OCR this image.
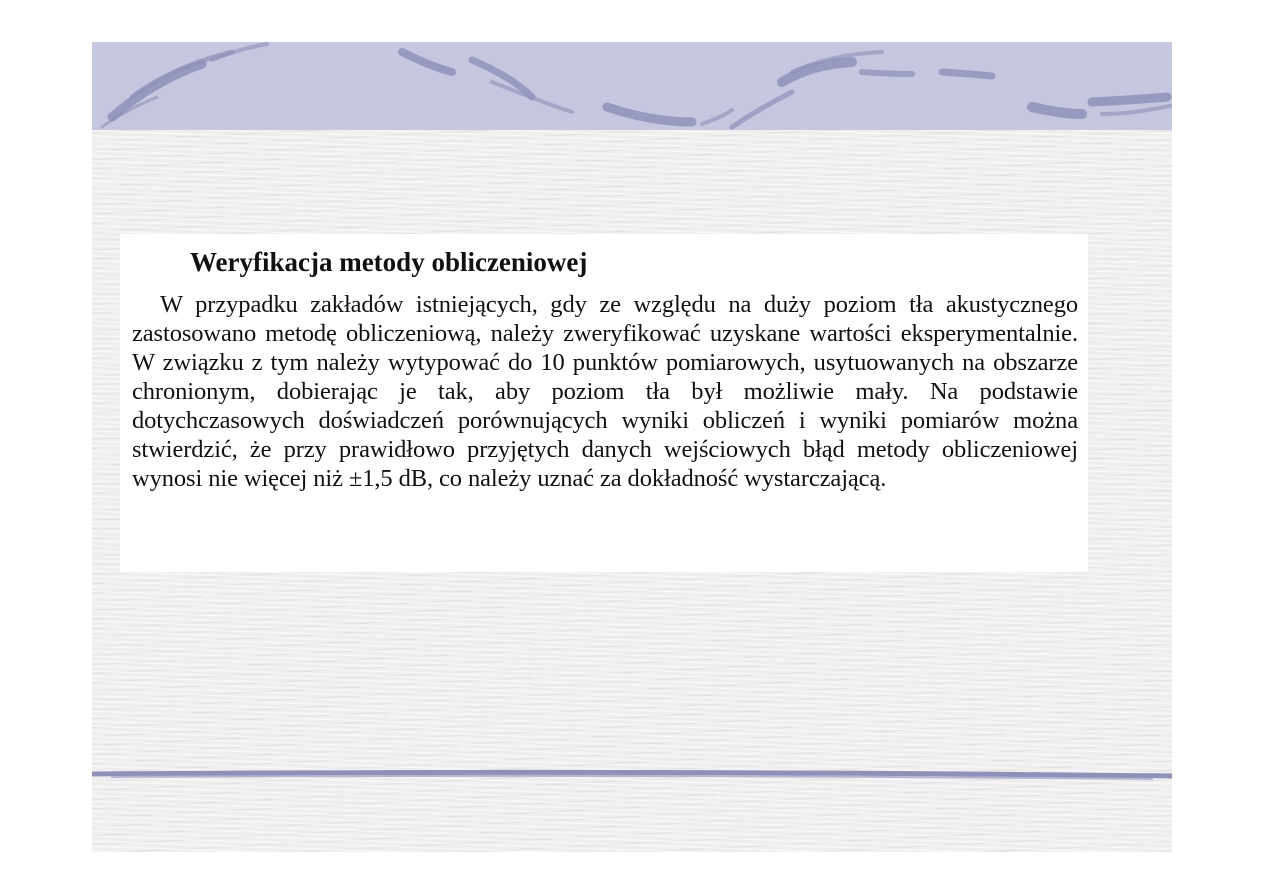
Weryfikacja metody obliczeniowej

W przypadku zakładów istniejących, gdy ze względu na duży poziom tła akustycznego zastosowano metodę obliczeniową, należy zweryfikować uzyskane wartości eksperymentalnie. W związku z tym należy wytypować do 10 punktów pomiarowych, usytuowanych na obszarze chronionym, dobierając je tak, aby poziom tła był możliwie mały. Na podstawie dotychczasowych doświadczeń porównujących wyniki obliczeń i wyniki pomiarów można stwierdzić, że przy prawidłowo przyjętych danych wejściowych błąd metody obliczeniowej wynosi nie więcej niż ±1,5 dB, co należy uznać za dokładność wystarczającą.
